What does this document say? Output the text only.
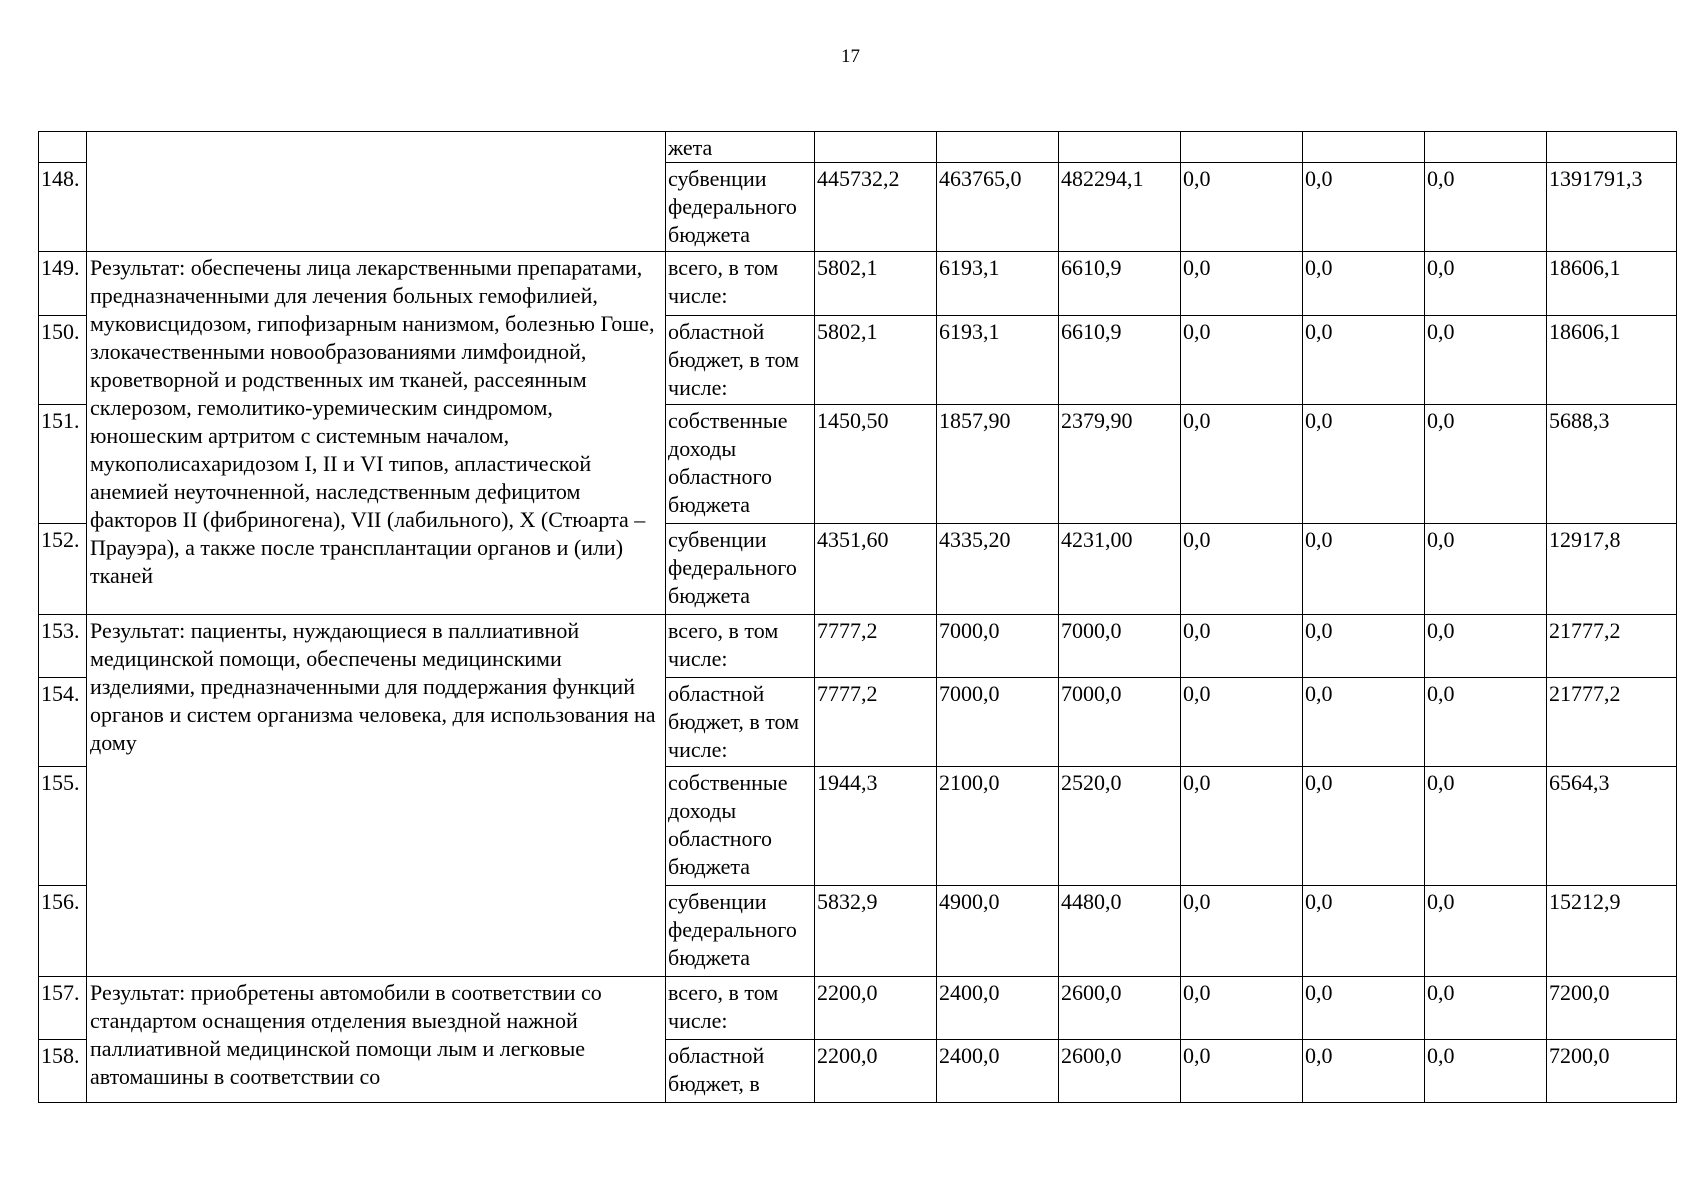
17
		жета							
148.		субвенции федерального бюджета	445732,2	463765,0	482294,1	0,0	0,0	0,0	1391791,3
149.	Результат: обеспечены лица лекарственными препаратами, предназначенными для лечения больных гемофилией, муковисцидозом, гипофизарным нанизмом, болезнью Гоше, злокачественными новообразованиями лимфоидной, кроветворной и родственных им тканей, рассеянным склерозом, гемолитико-уремическим синдромом, юношеским артритом с системным началом, мукополисахаридозом I, II и VI типов, апластической анемией неуточненной, наследственным дефицитом факторов II (фибриногена), VII (лабильного), X (Стюарта – Прауэра), а также после трансплантации органов и (или) тканей	всего, в том числе:	5802,1	6193,1	6610,9	0,0	0,0	0,0	18606,1
150.		областной бюджет, в том числе:	5802,1	6193,1	6610,9	0,0	0,0	0,0	18606,1
151.		собственные доходы областного бюджета	1450,50	1857,90	2379,90	0,0	0,0	0,0	5688,3
152.		субвенции федерального бюджета	4351,60	4335,20	4231,00	0,0	0,0	0,0	12917,8
153.	Результат: пациенты, нуждающиеся в паллиативной медицинской помощи, обеспечены медицинскими изделиями, предназначенными для поддержания функций органов и систем организма человека, для использования на дому	всего, в том числе:	7777,2	7000,0	7000,0	0,0	0,0	0,0	21777,2
154.		областной бюджет, в том числе:	7777,2	7000,0	7000,0	0,0	0,0	0,0	21777,2
155.		собственные доходы областного бюджета	1944,3	2100,0	2520,0	0,0	0,0	0,0	6564,3
156.		субвенции федерального бюджета	5832,9	4900,0	4480,0	0,0	0,0	0,0	15212,9
157.	Результат: приобретены автомобили в соответствии со стандартом оснащения отделения выездной нажной паллиативной медицинской помощи лым и легковые автомашины в соответствии со	всего, в том числе:	2200,0	2400,0	2600,0	0,0	0,0	0,0	7200,0
158.		областной бюджет, в	2200,0	2400,0	2600,0	0,0	0,0	0,0	7200,0
